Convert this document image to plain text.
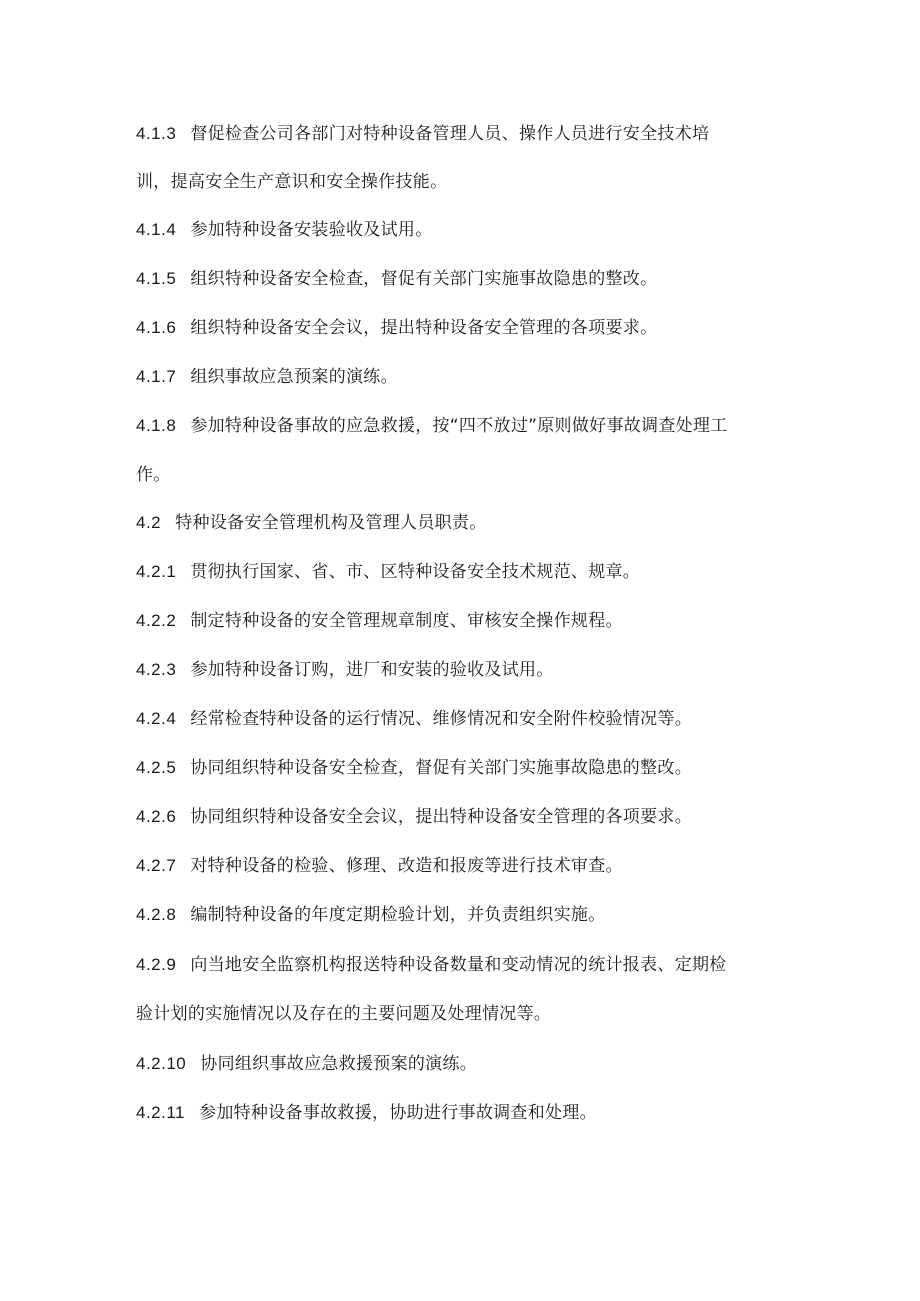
4.1.3 督促检查公司各部门对特种设备管理人员、操作人员进行安全技术培
训，提高安全生产意识和安全操作技能。
4.1.4 参加特种设备安装验收及试用。
4.1.5 组织特种设备安全检查，督促有关部门实施事故隐患的整改。
4.1.6 组织特种设备安全会议，提出特种设备安全管理的各项要求。
4.1.7 组织事故应急预案的演练。
4.1.8 参加特种设备事故的应急救援，按“四不放过”原则做好事故调查处理工
作。
4.2 特种设备安全管理机构及管理人员职责。
4.2.1 贯彻执行国家、省、市、区特种设备安全技术规范、规章。
4.2.2 制定特种设备的安全管理规章制度、审核安全操作规程。
4.2.3 参加特种设备订购，进厂和安装的验收及试用。
4.2.4 经常检查特种设备的运行情况、维修情况和安全附件校验情况等。
4.2.5 协同组织特种设备安全检查，督促有关部门实施事故隐患的整改。
4.2.6 协同组织特种设备安全会议，提出特种设备安全管理的各项要求。
4.2.7 对特种设备的检验、修理、改造和报废等进行技术审查。
4.2.8 编制特种设备的年度定期检验计划，并负责组织实施。
4.2.9 向当地安全监察机构报送特种设备数量和变动情况的统计报表、定期检
验计划的实施情况以及存在的主要问题及处理情况等。
4.2.10 协同组织事故应急救援预案的演练。
4.2.11 参加特种设备事故救援，协助进行事故调查和处理。
